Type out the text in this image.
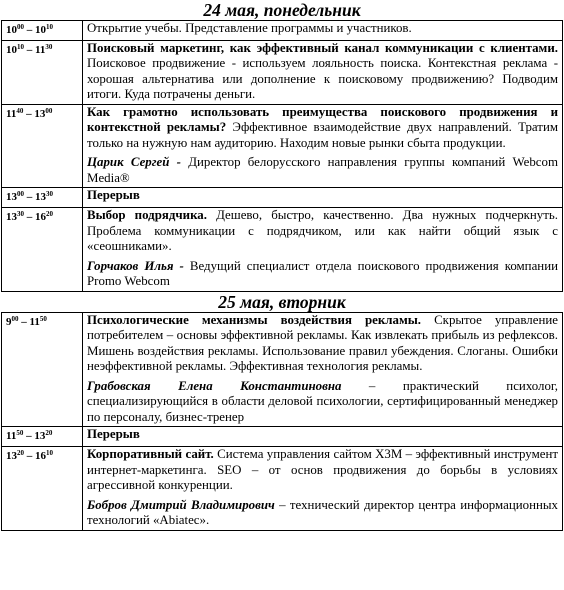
24 мая, понедельник
$10^{00} - 10^{10}$	Открытие учебы. Представление программы и участников.
$10^{10} - 11^{30}$	Поисковый маркетинг, как эффективный канал коммуникации с клиентами. Поисковое продвижение - используем лояльность поиска. Контекстная реклама - хорошая альтернатива или дополнение к поисковому продвижению? Подводим итоги. Куда потрачены деньги.
$11^{40} - 13^{00}$	Как грамотно использовать преимущества поискового продвижения и контекстной рекламы? Эффективное взаимодействие двух направлений. Тратим только на нужную нам аудиторию. Находим новые рынки сбыта продукции.

Царик Сергей - Директор белорусского направления группы компаний Webcom Media®

$13^{00} - 13^{30}$	Перерыв
$13^{30} - 16^{20}$	Выбор подрядчика. Дешево, быстро, качественно. Два нужных подчеркнуть. Проблема коммуникации с подрядчиком, или как найти общий язык с «сеошниками».

Горчаков Илья - Ведущий специалист отдела поискового продвижения компании Promo Webcom

25 мая, вторник
$9^{00} - 11^{50}$	Психологические механизмы воздействия рекламы. Скрытое управление потребителем – основы эффективной рекламы. Как извлекать прибыль из рефлексов. Мишень воздействия рекламы. Использование правил убеждения. Слоганы. Ошибки неэффективной рекламы. Эффективная технология рекламы.

Грабовская Елена Константиновна – практический психолог, специализирующийся в области деловой психологии, сертифицированный менеджер по персоналу, бизнес-тренер

$11^{50} - 13^{20}$	Перерыв
$13^{20} - 16^{10}$	Корпоративный сайт. Система управления сайтом X3M – эффективный инструмент интернет-маркетинга. SEO – от основ продвижения до борьбы в условиях агрессивной конкуренции.

Бобров Дмитрий Владимирович – технический директор центра информационных технологий «Abiatec».
